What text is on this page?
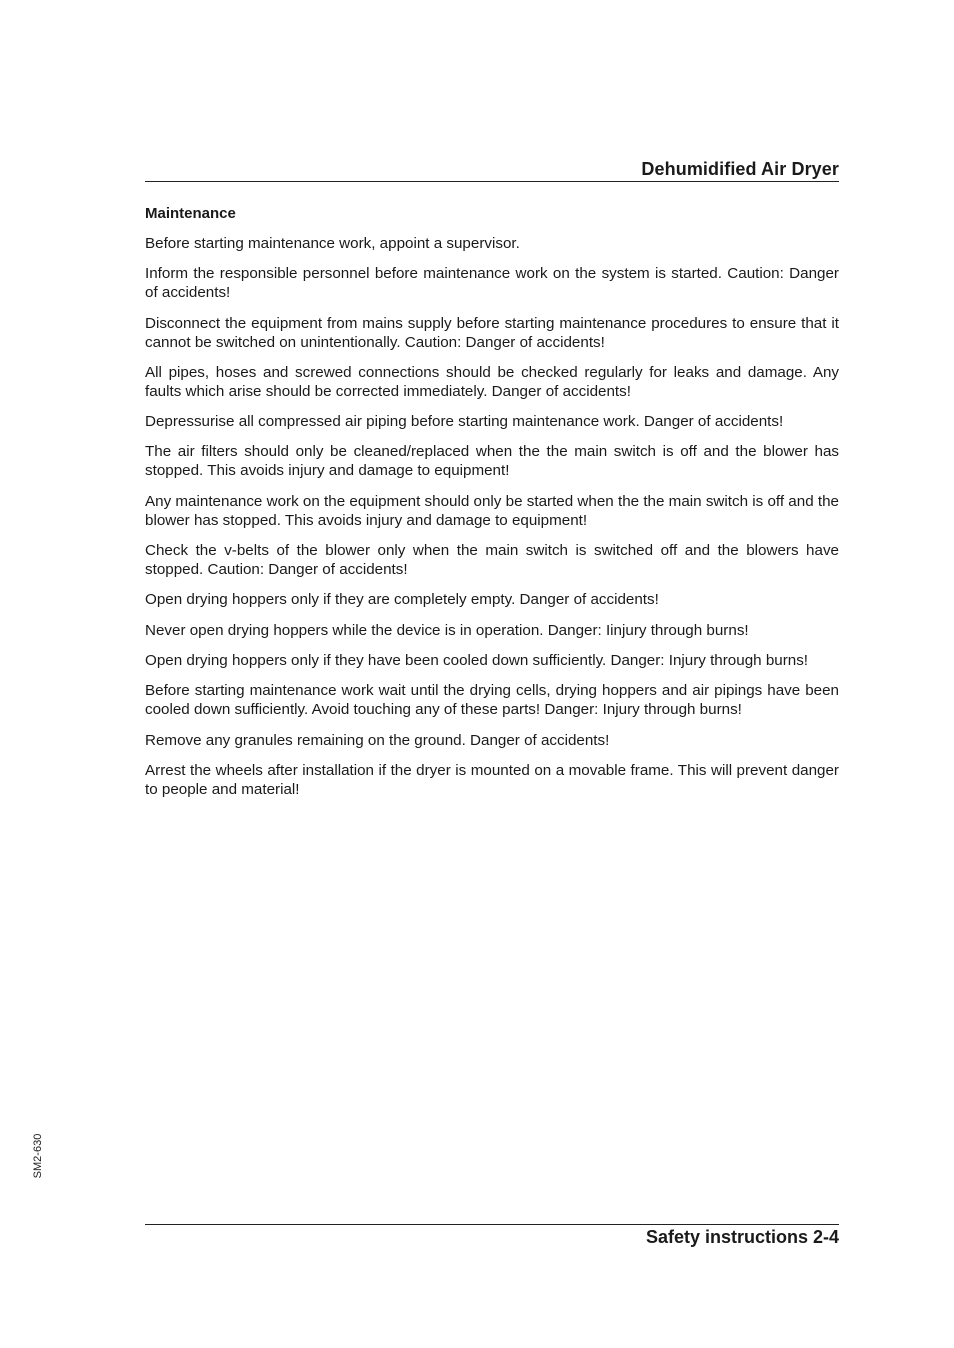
Dehumidified Air Dryer
Maintenance

Before starting maintenance work, appoint a supervisor.

Inform the responsible personnel before maintenance work on the system is started. Caution: Danger of accidents!

Disconnect the equipment from mains supply before starting maintenance procedures to ensure that it cannot be switched on unintentionally. Caution: Danger of accidents!

All pipes, hoses and screwed connections should be checked regularly for leaks and damage. Any faults which arise should be corrected immediately. Danger of accidents!

Depressurise all compressed air piping before starting maintenance work. Danger of accidents!

The air filters should only be cleaned/replaced when the the main switch is off and the blower has stopped. This avoids injury and damage to equipment!

Any maintenance work on the equipment should only be started when the the main switch is off and the blower has stopped. This avoids injury and damage to equipment!

Check the v-belts of the blower only when the main switch is switched off and the blowers have stopped. Caution: Danger of accidents!

Open drying hoppers only if they are completely empty. Danger of accidents!

Never open drying hoppers while the device is in operation. Danger: Iinjury through burns!

Open drying hoppers only if they have been cooled down sufficiently. Danger: Injury through burns!

Before starting maintenance work wait until the drying cells, drying hoppers and air pipings have been cooled down sufficiently. Avoid touching any of these parts! Danger: Injury through burns!

Remove any granules remaining on the ground. Danger of accidents!

Arrest the wheels after installation if the dryer is mounted on a movable frame. This will prevent danger to people and material!

SM2-630
Safety instructions 2-4
